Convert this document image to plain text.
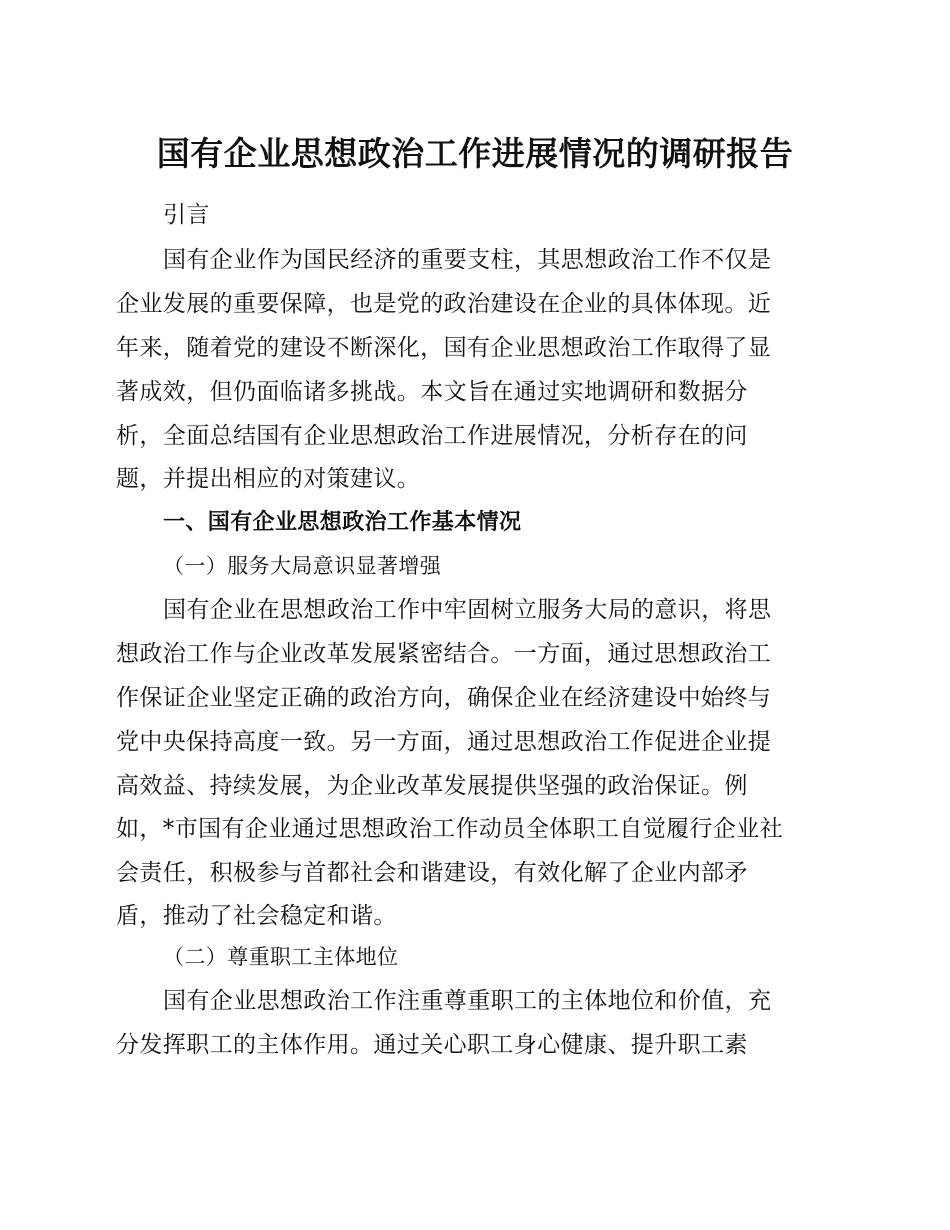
国有企业思想政治工作进展情况的调研报告
引言
国有企业作为国民经济的重要支柱，其思想政治工作不仅是
企业发展的重要保障，也是党的政治建设在企业的具体体现。近
年来，随着党的建设不断深化，国有企业思想政治工作取得了显
著成效，但仍面临诸多挑战。本文旨在通过实地调研和数据分
析，全面总结国有企业思想政治工作进展情况，分析存在的问
题，并提出相应的对策建议。
一、国有企业思想政治工作基本情况
（一）服务大局意识显著增强
国有企业在思想政治工作中牢固树立服务大局的意识，将思
想政治工作与企业改革发展紧密结合。一方面，通过思想政治工
作保证企业坚定正确的政治方向，确保企业在经济建设中始终与
党中央保持高度一致。另一方面，通过思想政治工作促进企业提
高效益、持续发展，为企业改革发展提供坚强的政治保证。例
如，*市国有企业通过思想政治工作动员全体职工自觉履行企业社
会责任，积极参与首都社会和谐建设，有效化解了企业内部矛
盾，推动了社会稳定和谐。
（二）尊重职工主体地位
国有企业思想政治工作注重尊重职工的主体地位和价值，充
分发挥职工的主体作用。通过关心职工身心健康、提升职工素
